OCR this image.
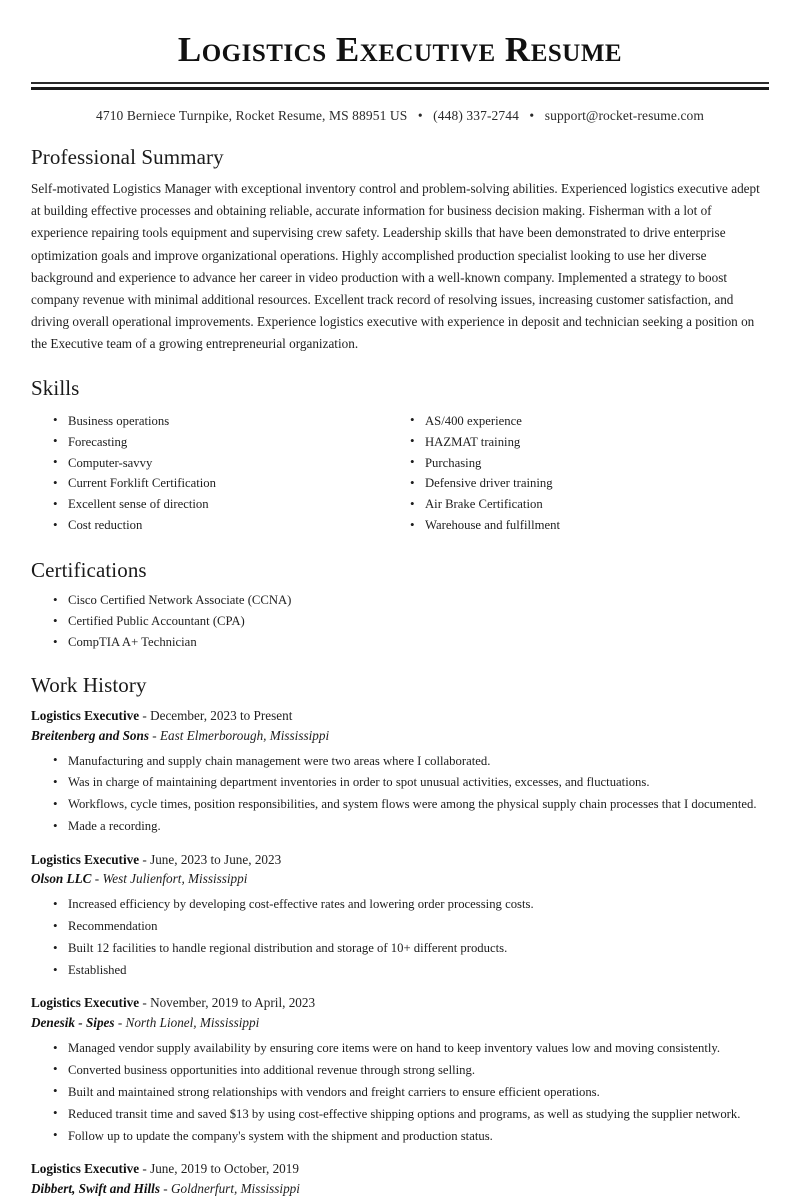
Logistics Executive Resume
4710 Berniece Turnpike, Rocket Resume, MS 88951 US • (448) 337-2744 • support@rocket-resume.com
Professional Summary

Self-motivated Logistics Manager with exceptional inventory control and problem-solving abilities. Experienced logistics executive adept at building effective processes and obtaining reliable, accurate information for business decision making. Fisherman with a lot of experience repairing tools equipment and supervising crew safety. Leadership skills that have been demonstrated to drive enterprise optimization goals and improve organizational operations. Highly accomplished production specialist looking to use her diverse background and experience to advance her career in video production with a well-known company. Implemented a strategy to boost company revenue with minimal additional resources. Excellent track record of resolving issues, increasing customer satisfaction, and driving overall operational improvements. Experience logistics executive with experience in deposit and technician seeking a position on the Executive team of a growing entrepreneurial organization.

Skills
• Business operations
• Forecasting
• Computer-savvy
• Current Forklift Certification
• Excellent sense of direction
• Cost reduction
• AS/400 experience
• HAZMAT training
• Purchasing
• Defensive driver training
• Air Brake Certification
• Warehouse and fulfillment
Certifications
• Cisco Certified Network Associate (CCNA)
• Certified Public Accountant (CPA)
• CompTIA A+ Technician
Work History
Logistics Executive - December, 2023 to Present
Breitenberg and Sons - East Elmerborough, Mississippi
• Manufacturing and supply chain management were two areas where I collaborated.
• Was in charge of maintaining department inventories in order to spot unusual activities, excesses, and fluctuations.
• Workflows, cycle times, position responsibilities, and system flows were among the physical supply chain processes that I documented.
• Made a recording.
Logistics Executive - June, 2023 to June, 2023
Olson LLC - West Julienfort, Mississippi
• Increased efficiency by developing cost-effective rates and lowering order processing costs.
• Recommendation
• Built 12 facilities to handle regional distribution and storage of 10+ different products.
• Established
Logistics Executive - November, 2019 to April, 2023
Denesik - Sipes - North Lionel, Mississippi
• Managed vendor supply availability by ensuring core items were on hand to keep inventory values low and moving consistently.
• Converted business opportunities into additional revenue through strong selling.
• Built and maintained strong relationships with vendors and freight carriers to ensure efficient operations.
• Reduced transit time and saved $13 by using cost-effective shipping options and programs, as well as studying the supplier network.
• Follow up to update the company's system with the shipment and production status.
Logistics Executive - June, 2019 to October, 2019
Dibbert, Swift and Hills - Goldnerfurt, Mississippi
